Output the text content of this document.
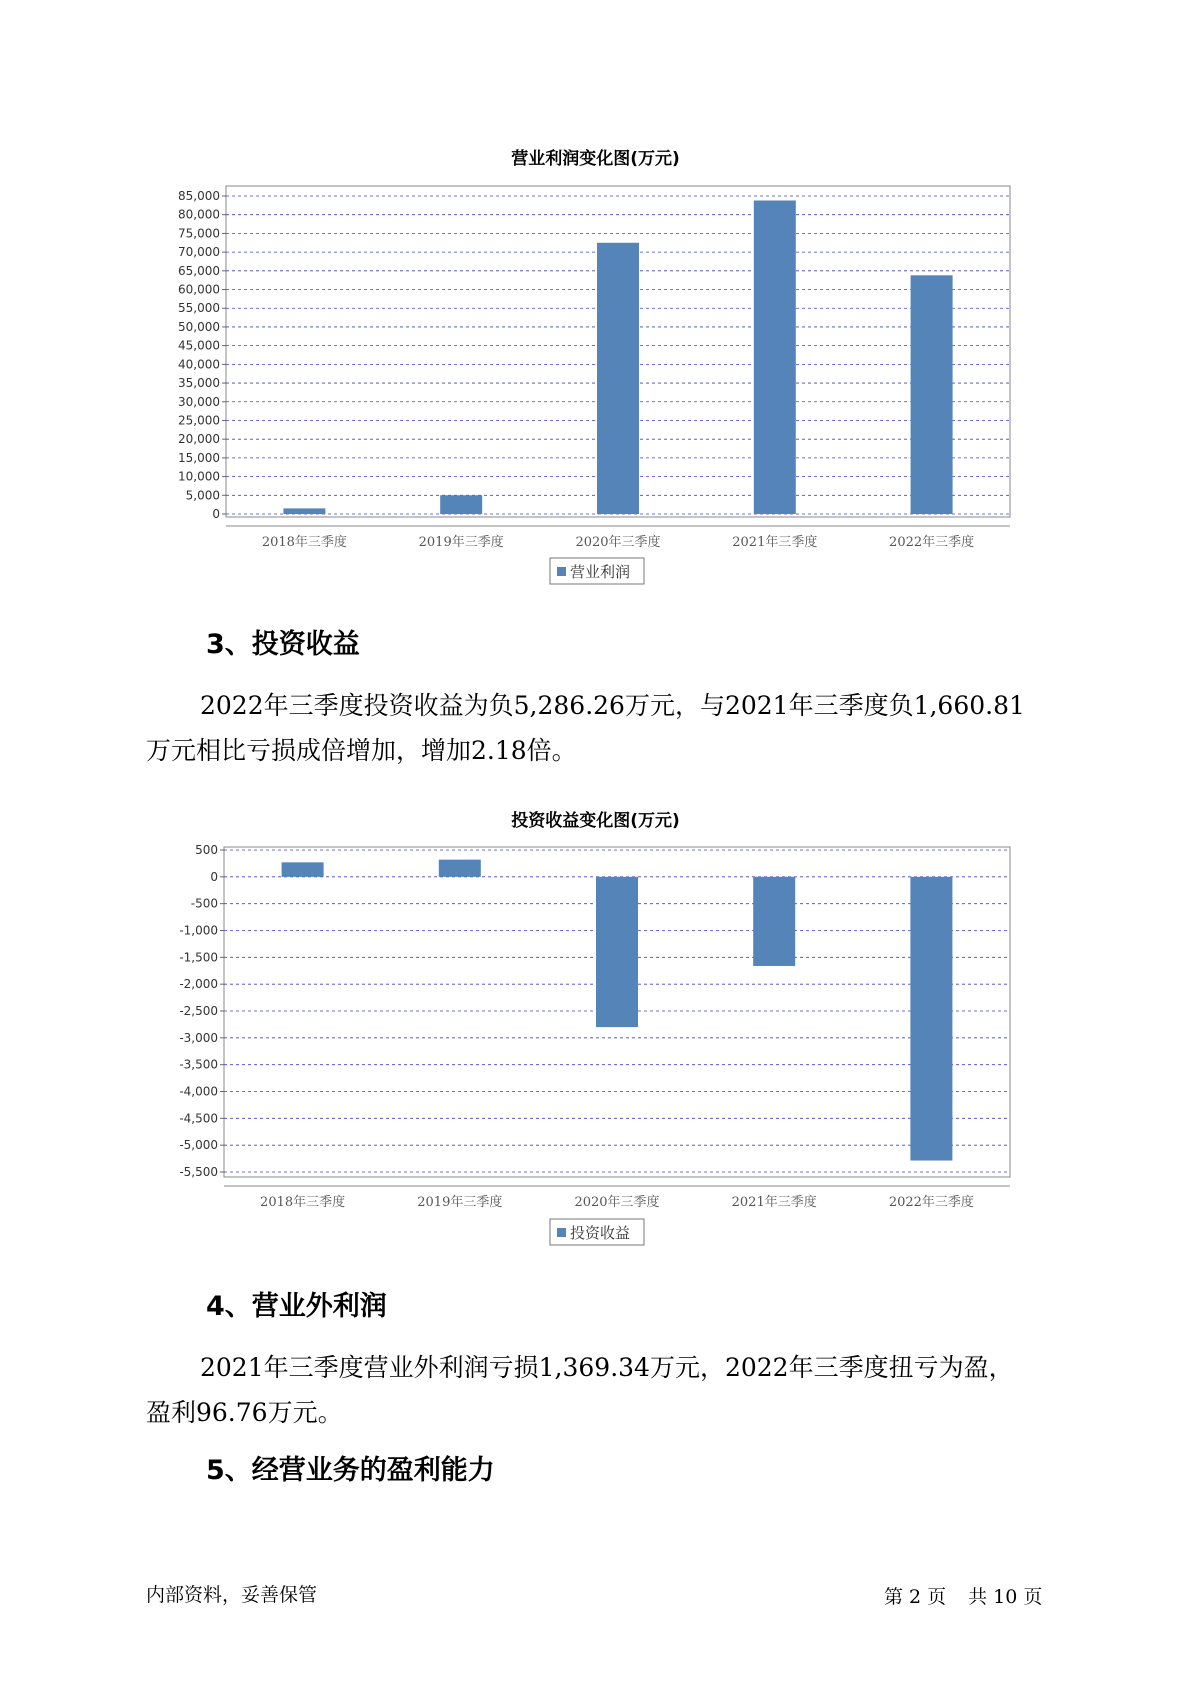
营业利润变化图(万元)
0
5,000
10,000
15,000
20,000
25,000
30,000
35,000
40,000
45,000
50,000
55,000
60,000
65,000
70,000
75,000
80,000
85,000
2018年三季度	2019年三季度	2020年三季度	2021年三季度	2022年三季度
营业利润
3、投资收益
2022年三季度投资收益为负5,286.26万元，与2021年三季度负1,660.81
万元相比亏损成倍增加，增加2.18倍。
投资收益变化图(万元)
500
0
-500
-1,000
-1,500
-2,000
-2,500
-3,000
-3,500
-4,000
-4,500
-5,000
-5,500
2018年三季度	2019年三季度	2020年三季度	2021年三季度	2022年三季度
投资收益
4、营业外利润
2021年三季度营业外利润亏损1,369.34万元，2022年三季度扭亏为盈，
盈利96.76万元。
5、经营业务的盈利能力
内部资料，妥善保管	第 2 页 共 10 页
